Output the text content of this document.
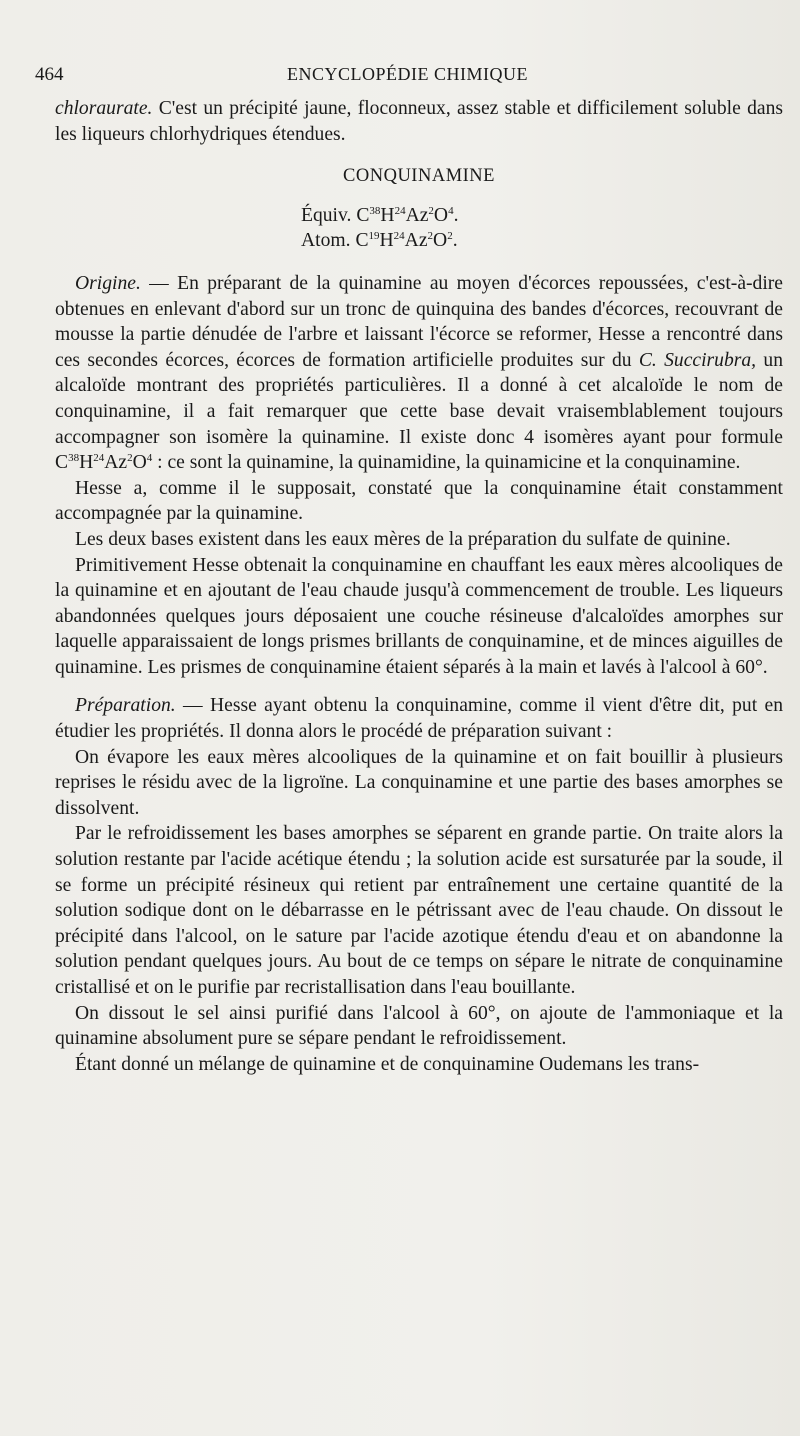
464	ENCYCLOPÉDIE CHIMIQUE

chloraurate. C'est un précipité jaune, floconneux, assez stable et difficilement soluble dans les liqueurs chlorhydriques étendues.

CONQUINAMINE
Équiv. $C^{38}H^{24}Az^2O^4$.
Atom. $C^{19}H^{24}Az^2O^2$.

Origine. — En préparant de la quinamine au moyen d'écorces repoussées, c'est-à-dire obtenues en enlevant d'abord sur un tronc de quinquina des bandes d'écorces, recouvrant de mousse la partie dénudée de l'arbre et laissant l'écorce se reformer, Hesse a rencontré dans ces secondes écorces, écorces de formation artificielle produites sur du C. Succirubra, un alcaloïde montrant des propriétés particulières. Il a donné à cet alcaloïde le nom de conquinamine, il a fait remarquer que cette base devait vraisemblablement toujours accompagner son isomère la quinamine. Il existe donc 4 isomères ayant pour formule $C^{38}H^{24}Az^2O^4$ : ce sont la quinamine, la quinamidine, la quinamicine et la conquinamine.

Hesse a, comme il le supposait, constaté que la conquinamine était constamment accompagnée par la quinamine.

Les deux bases existent dans les eaux mères de la préparation du sulfate de quinine.

Primitivement Hesse obtenait la conquinamine en chauffant les eaux mères alcooliques de la quinamine et en ajoutant de l'eau chaude jusqu'à commencement de trouble. Les liqueurs abandonnées quelques jours déposaient une couche résineuse d'alcaloïdes amorphes sur laquelle apparaissaient de longs prismes brillants de conquinamine, et de minces aiguilles de quinamine. Les prismes de conquinamine étaient séparés à la main et lavés à l'alcool à 60°.

Préparation. — Hesse ayant obtenu la conquinamine, comme il vient d'être dit, put en étudier les propriétés. Il donna alors le procédé de préparation suivant :

On évapore les eaux mères alcooliques de la quinamine et on fait bouillir à plusieurs reprises le résidu avec de la ligroïne. La conquinamine et une partie des bases amorphes se dissolvent.

Par le refroidissement les bases amorphes se séparent en grande partie. On traite alors la solution restante par l'acide acétique étendu ; la solution acide est sursaturée par la soude, il se forme un précipité résineux qui retient par entraînement une certaine quantité de la solution sodique dont on le débarrasse en le pétrissant avec de l'eau chaude. On dissout le précipité dans l'alcool, on le sature par l'acide azotique étendu d'eau et on abandonne la solution pendant quelques jours. Au bout de ce temps on sépare le nitrate de conquinamine cristallisé et on le purifie par recristallisation dans l'eau bouillante.

On dissout le sel ainsi purifié dans l'alcool à 60°, on ajoute de l'ammoniaque et la quinamine absolument pure se sépare pendant le refroidissement.

Étant donné un mélange de quinamine et de conquinamine Oudemans les trans-
